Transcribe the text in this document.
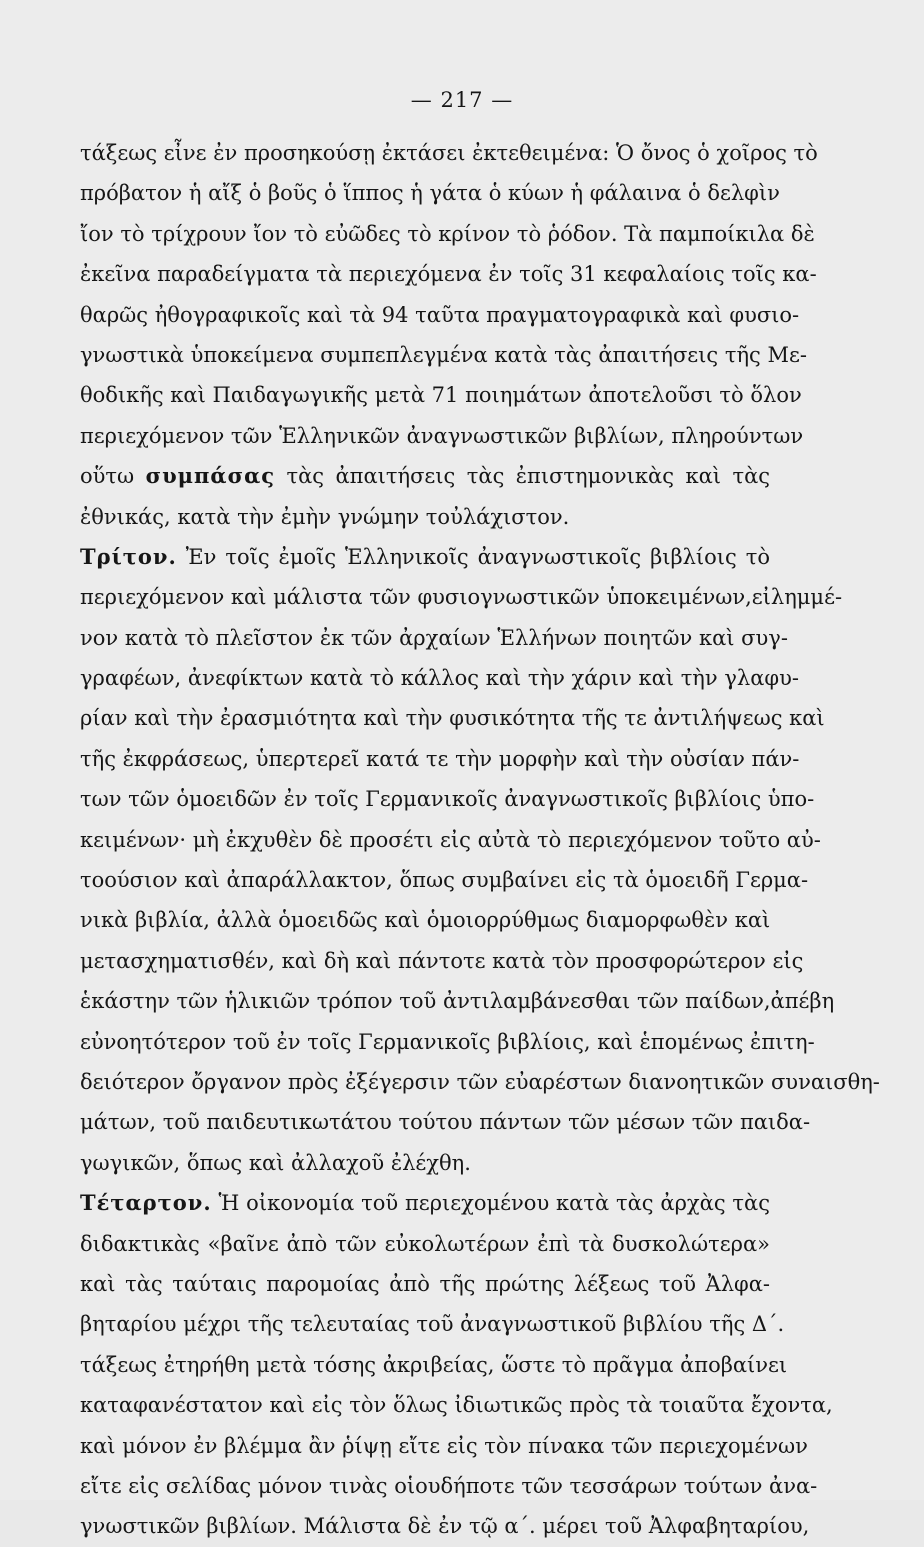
— 217 —
τάξεως εἶνε ἐν προσηκούσῃ ἐκτάσει ἐκτεθειμένα: Ὁ ὄνος ὁ χοῖρος τὸ
πρόβατον ἡ αἴξ ὁ βοῦς ὁ ἵππος ἡ γάτα ὁ κύων ἡ φάλαινα ὁ δελφὶν
ἴον τὸ τρίχρουν ἴον τὸ εὐῶδες τὸ κρίνον τὸ ῥόδον. Τὰ παμποίκιλα δὲ
ἐκεῖνα παραδείγματα τὰ περιεχόμενα ἐν τοῖς 31 κεφαλαίοις τοῖς κα-
θαρῶς ἠθογραφικοῖς καὶ τὰ 94 ταῦτα πραγματογραφικὰ καὶ φυσιο-
γνωστικὰ ὑποκείμενα συμπεπλεγμένα κατὰ τὰς ἀπαιτήσεις τῆς Με-
θοδικῆς καὶ Παιδαγωγικῆς μετὰ 71 ποιημάτων ἀποτελοῦσι τὸ ὅλον
περιεχόμενον τῶν Ἑλληνικῶν ἀναγνωστικῶν βιβλίων, πληρούντων
οὕτω συμπάσας τὰς ἀπαιτήσεις τὰς ἐπιστημονικὰς καὶ τὰς
ἐθνικάς, κατὰ τὴν ἐμὴν γνώμην τοὐλάχιστον.
Τρίτον. Ἐν τοῖς ἐμοῖς Ἑλληνικοῖς ἀναγνωστικοῖς βιβλίοις τὸ
περιεχόμενον καὶ μάλιστα τῶν φυσιογνωστικῶν ὑποκειμένων,εἰλημμέ-
νον κατὰ τὸ πλεῖστον ἐκ τῶν ἀρχαίων Ἑλλήνων ποιητῶν καὶ συγ-
γραφέων, ἀνεφίκτων κατὰ τὸ κάλλος καὶ τὴν χάριν καὶ τὴν γλαφυ-
ρίαν καὶ τὴν ἐρασμιότητα καὶ τὴν φυσικότητα τῆς τε ἀντιλήψεως καὶ
τῆς ἐκφράσεως, ὑπερτερεῖ κατά τε τὴν μορφὴν καὶ τὴν οὐσίαν πάν-
των τῶν ὁμοειδῶν ἐν τοῖς Γερμανικοῖς ἀναγνωστικοῖς βιβλίοις ὑπο-
κειμένων· μὴ ἐκχυθὲν δὲ προσέτι εἰς αὐτὰ τὸ περιεχόμενον τοῦτο αὐ-
τοούσιον καὶ ἀπαράλλακτον, ὅπως συμβαίνει εἰς τὰ ὁμοειδῆ Γερμα-
νικὰ βιβλία, ἀλλὰ ὁμοειδῶς καὶ ὁμοιορρύθμως διαμορφωθὲν καὶ
μετασχηματισθέν, καὶ δὴ καὶ πάντοτε κατὰ τὸν προσφορώτερον εἰς
ἑκάστην τῶν ἡλικιῶν τρόπον τοῦ ἀντιλαμβάνεσθαι τῶν παίδων,ἀπέβη
εὐνοητότερον τοῦ ἐν τοῖς Γερμανικοῖς βιβλίοις, καὶ ἑπομένως ἐπιτη-
δειότερον ὄργανον πρὸς ἐξέγερσιν τῶν εὐαρέστων διανοητικῶν συναισθη-
μάτων, τοῦ παιδευτικωτάτου τούτου πάντων τῶν μέσων τῶν παιδα-
γωγικῶν, ὅπως καὶ ἀλλαχοῦ ἐλέχθη.
Τέταρτον. Ἡ οἰκονομία τοῦ περιεχομένου κατὰ τὰς ἀρχὰς τὰς
διδακτικὰς «βαῖνε ἀπὸ τῶν εὐκολωτέρων ἐπὶ τὰ δυσκολώτερα»
καὶ τὰς ταύταις παρομοίας ἀπὸ τῆς πρώτης λέξεως τοῦ Ἀλφα-
βηταρίου μέχρι τῆς τελευταίας τοῦ ἀναγνωστικοῦ βιβλίου τῆς Δ΄.
τάξεως ἐτηρήθη μετὰ τόσης ἀκριβείας, ὥστε τὸ πρᾶγμα ἀποβαίνει
καταφανέστατον καὶ εἰς τὸν ὅλως ἰδιωτικῶς πρὸς τὰ τοιαῦτα ἔχοντα,
καὶ μόνον ἐν βλέμμα ἂν ῥίψῃ εἴτε εἰς τὸν πίνακα τῶν περιεχομένων
εἴτε εἰς σελίδας μόνον τινὰς οἱουδήποτε τῶν τεσσάρων τούτων ἀνα-
γνωστικῶν βιβλίων. Μάλιστα δὲ ἐν τῷ α΄. μέρει τοῦ Ἀλφαβηταρίου,
